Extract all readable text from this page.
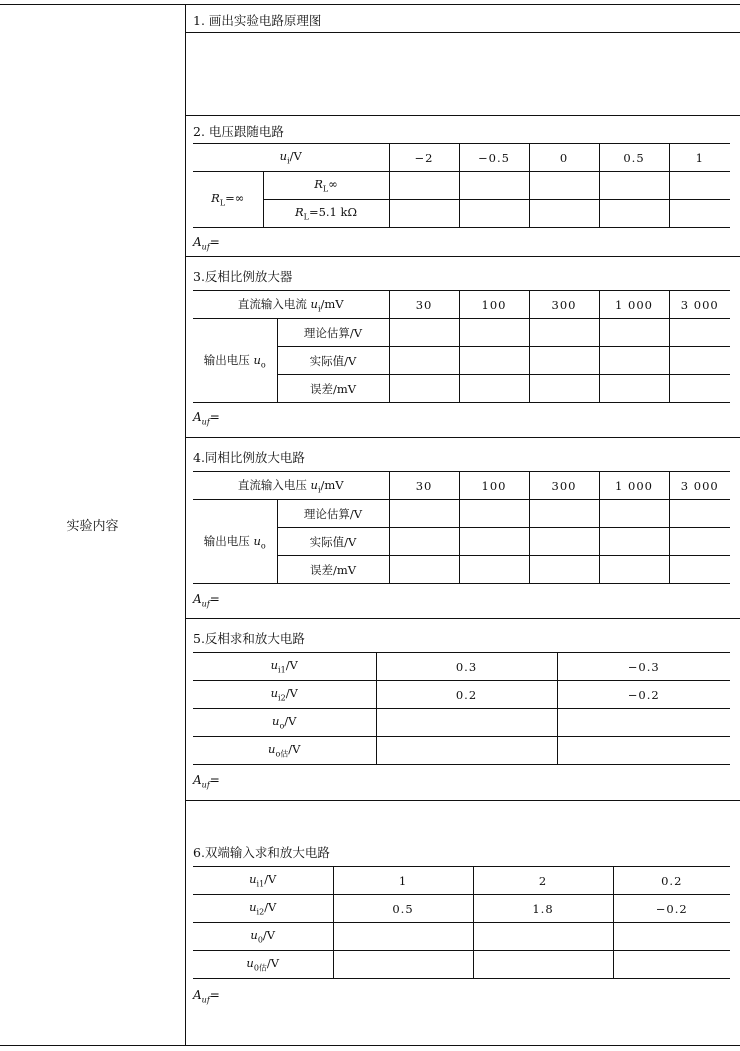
实验内容
1. 画出实验电路原理图
2. 电压跟随电路
$u_i/V$		−2	−0.5	0	0.5	1
$R_L=\infty$	$R_L\infty$					
	$R_L=5.1$ kΩ					
$A_{uf}=$
3.反相比例放大器
直流输入电流 $u_i/mV$		30	100	300	1 000	3 000
输出电压 $u_o$	理论估算/V					
	实际值/V					
	误差/mV					
$A_{uf}=$
4.同相比例放大电路
直流输入电压 $u_i/mV$		30	100	300	1 000	3 000
输出电压 $u_o$	理论估算/V					
	实际值/V					
	误差/mV					
$A_{uf}=$
5.反相求和放大电路
$u_{i1}/V$	0.3	−0.3
$u_{i2}/V$	0.2	−0.2
$u_o/V$		
$u_{o估}/V$		
$A_{uf}=$
6.双端输入求和放大电路
$u_{i1}/V$	1	2	0.2
$u_{i2}/V$	0.5	1.8	−0.2
$u_0/V$			
$u_{0估}/V$			
$A_{uf}=$
